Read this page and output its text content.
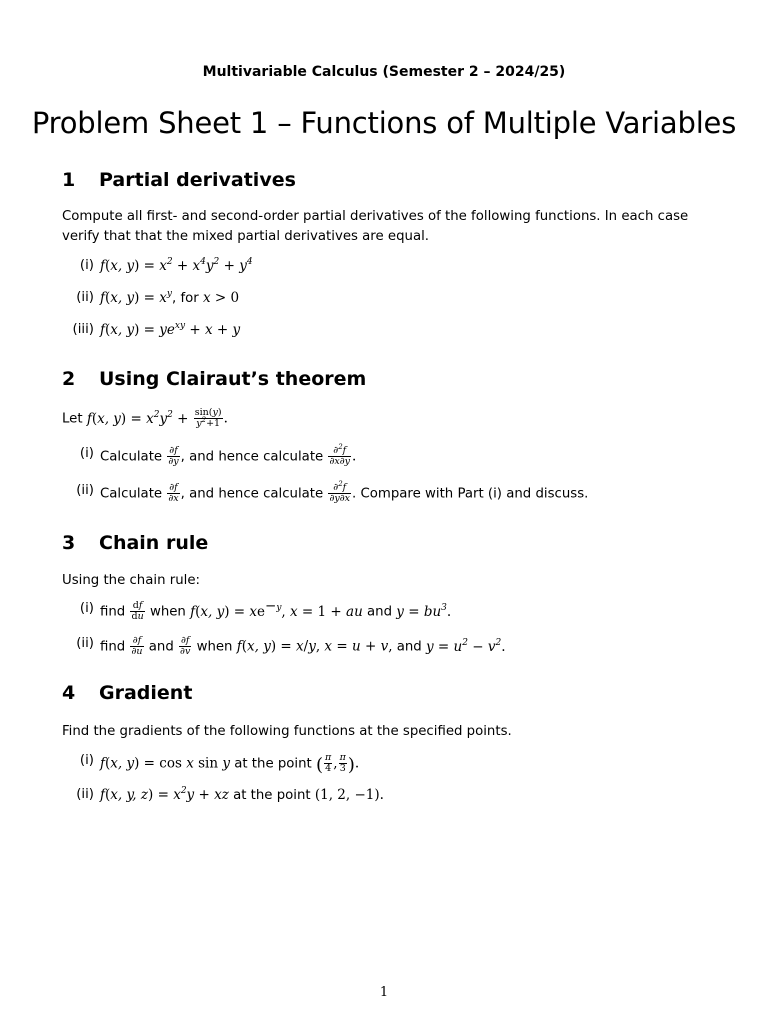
Multivariable Calculus (Semester 2 – 2024/25)
Problem Sheet 1 – Functions of Multiple Variables
1 Partial derivatives
Compute all first- and second-order partial derivatives of the following functions. In each case verify that that the mixed partial derivatives are equal.
(i) f(x, $y) = x^2 + x^4y^2 + y^4$
(ii) f(x, $y) = x^y$, for x > 0
(iii) f(x, $y) = ye^{xy} + x + y$
2 Using Clairaut’s theorem
Let f(x, $y) = x^2y^2 + \frac{\sin(y)}{y^2+1}$ .
(i) Calculate $\frac{\partial f}{\partial y}$ , and hence calculate $\frac{\partial^2f}{\partial x\partial y}$ .
(ii) Calculate $\frac{\partial f}{\partial x}$ , and hence calculate $\frac{\partial^2f}{\partial y\partial x}$ . Compare with Part (i) and discuss.
3 Chain rule
Using the chain rule:
(i) find $\frac{df}{du}$ when f(x, $y) = xe^{-y}$, x = 1 + au and $y = bu^3$.
(ii) find $\frac{\partial f}{\partial u}$ and $\frac{\partial f}{\partial v}$ when f(x, y) = x/y, x = u + v, and $y = u^2 - v^2$.
4 Gradient
Find the gradients of the following functions at the specified points.
(i) f(x, y) = cos x sin y at the point ( $\frac{\pi}{4}$ , $\frac{\pi}{3}$ ).
(ii) f(x, y, $z) = x^2y$ + xz at the point (1, 2, −1).
1
